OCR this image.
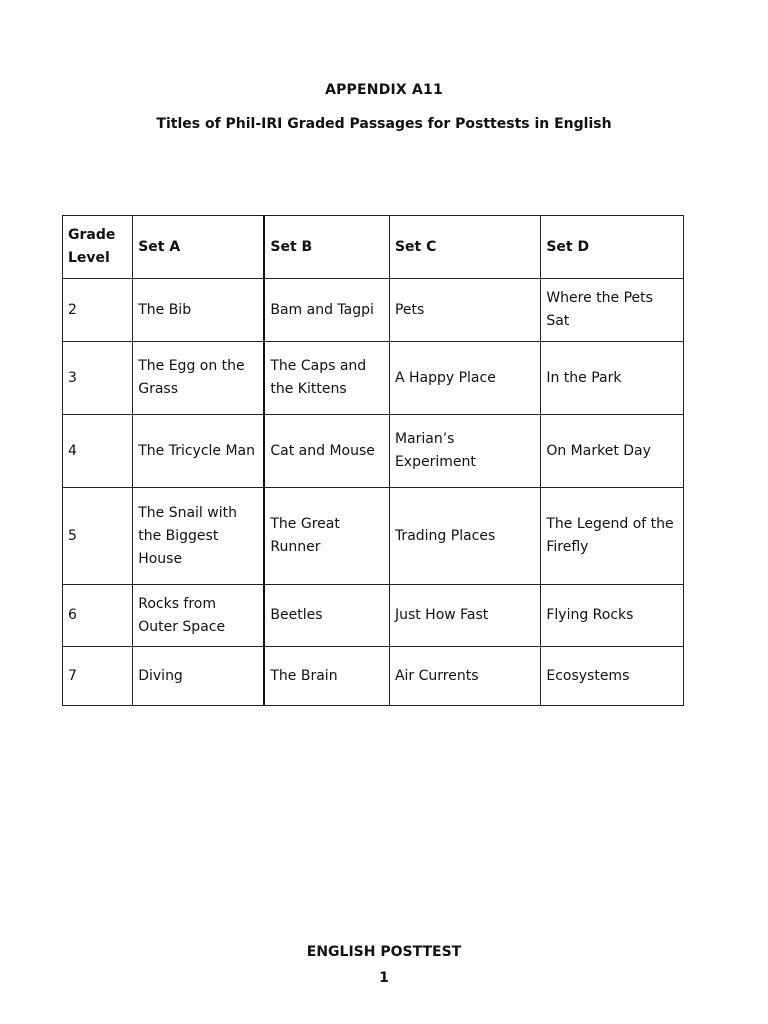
APPENDIX A11
Titles of Phil-IRI Graded Passages for Posttests in English
Grade Level	Set A	Set B	Set C	Set D
2	The Bib	Bam and Tagpi	Pets	Where the Pets Sat
3	The Egg on the Grass	The Caps and the Kittens	A Happy Place	In the Park
4	The Tricycle Man	Cat and Mouse	Marian’s Experiment	On Market Day
5	The Snail with the Biggest House	The Great Runner	Trading Places	The Legend of the Firefly
6	Rocks from Outer Space	Beetles	Just How Fast	Flying Rocks
7	Diving	The Brain	Air Currents	Ecosystems
ENGLISH POSTTEST
1
